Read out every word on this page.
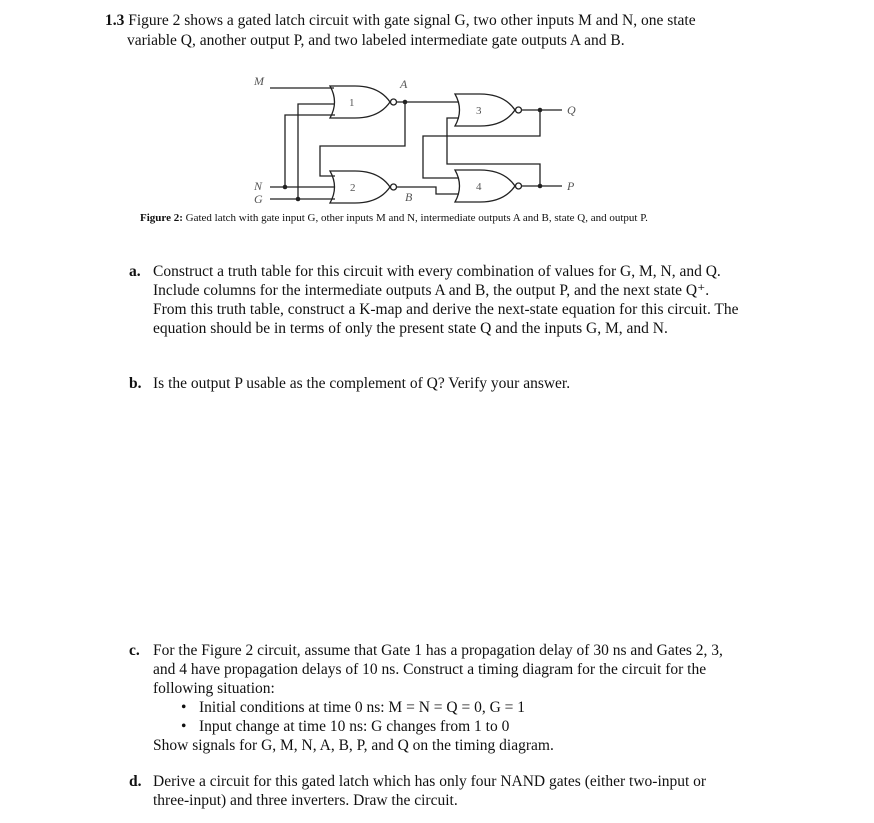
1.3 Figure 2 shows a gated latch circuit with gate signal G, two other inputs M and N, one state
variable Q, another output P, and two labeled intermediate gate outputs A and B.
M	A
Q
P
B
N
G
1
3
2	4
Figure 2: Gated latch with gate input G, other inputs M and N, intermediate outputs A and B, state Q, and output P.
a. Construct a truth table for this circuit with every combination of values for G, M, N, and Q. Include columns for the intermediate outputs A and B, the output P, and the next state Q⁺. From this truth table, construct a K-map and derive the next-state equation for this circuit. The equation should be in terms of only the present state Q and the inputs G, M, and N.
b. Is the output P usable as the complement of Q? Verify your answer.
c. For the Figure 2 circuit, assume that Gate 1 has a propagation delay of 30 ns and Gates 2, 3, and 4 have propagation delays of 10 ns. Construct a timing diagram for the circuit for the following situation:
• Initial conditions at time 0 ns: M = N = Q = 0, G = 1
• Input change at time 10 ns: G changes from 1 to 0
Show signals for G, M, N, A, B, P, and Q on the timing diagram.
d. Derive a circuit for this gated latch which has only four NAND gates (either two-input or three-input) and three inverters. Draw the circuit.
